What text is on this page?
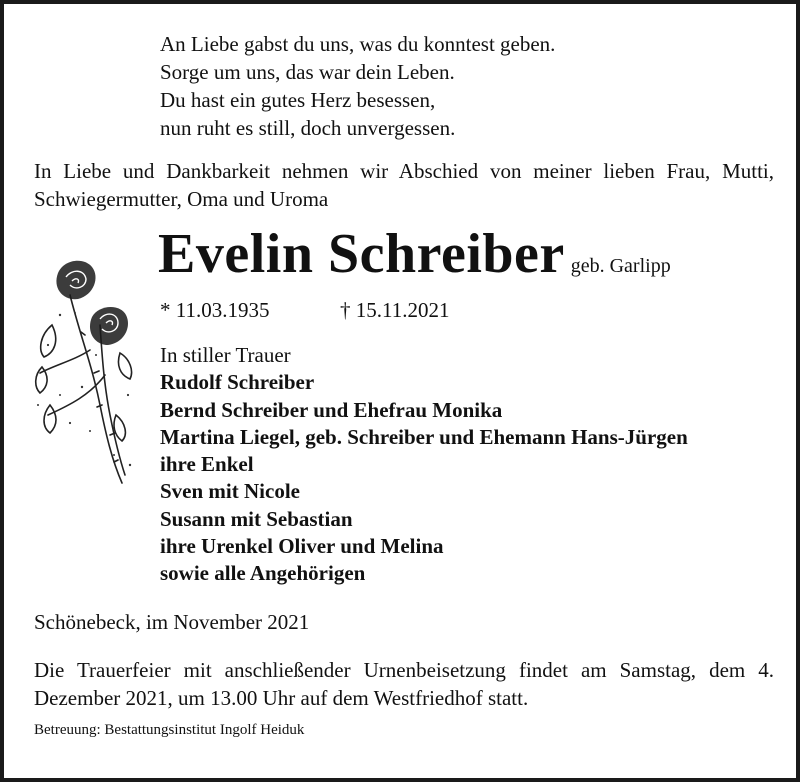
An Liebe gabst du uns, was du konntest geben.
Sorge um uns, das war dein Leben.
Du hast ein gutes Herz besessen,
nun ruht es still, doch unvergessen.
In Liebe und Dankbarkeit nehmen wir Abschied von meiner lieben Frau, Mutti, Schwiegermutter, Oma und Uroma
Evelin Schreiber geb. Garlipp
* 11.03.1935	† 15.11.2021
In stiller Trauer
Rudolf Schreiber
Bernd Schreiber und Ehefrau Monika
Martina Liegel, geb. Schreiber und Ehemann Hans-Jürgen
ihre Enkel
Sven mit Nicole
Susann mit Sebastian
ihre Urenkel Oliver und Melina
sowie alle Angehörigen
Schönebeck, im November 2021
Die Trauerfeier mit anschließender Urnenbeisetzung findet am Samstag, dem 4. Dezember 2021, um 13.00 Uhr auf dem Westfriedhof statt.
Betreuung: Bestattungsinstitut Ingolf Heiduk
